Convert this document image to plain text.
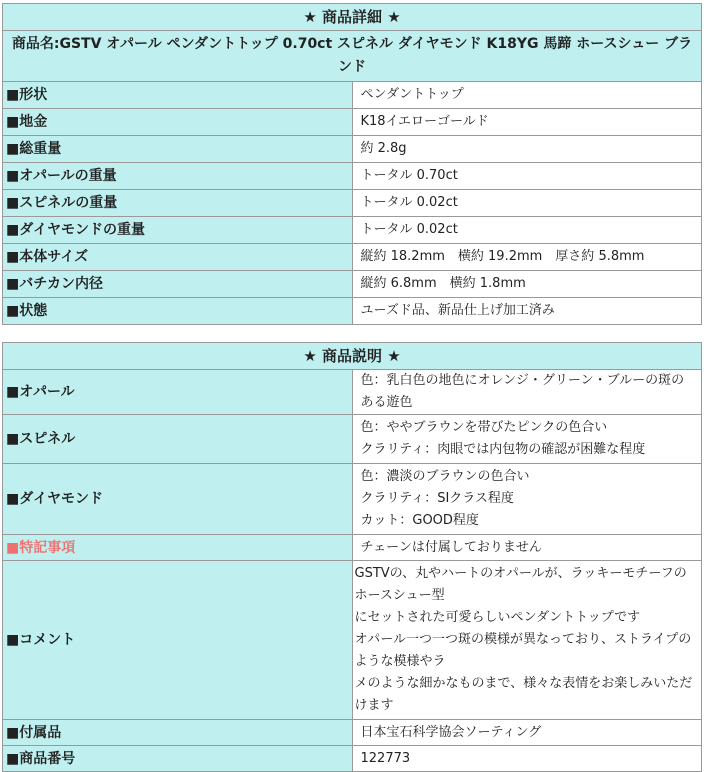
★ 商品詳細 ★	
商品名:GSTV オパール ペンダントトップ 0.70ct スピネル ダイヤモンド K18YG 馬蹄 ホースシュー ブランド	
■形状	ペンダントトップ
■地金	K18イエローゴールド
■総重量	約 2.8g
■オパールの重量	トータル 0.70ct
■スピネルの重量	トータル 0.02ct
■ダイヤモンドの重量	トータル 0.02ct
■本体サイズ	縦約 18.2mm　横約 19.2mm　厚さ約 5.8mm
■バチカン内径	縦約 6.8mm　横約 1.8mm
■状態	ユーズド品、新品仕上げ加工済み
★ 商品説明 ★	
■オパール	色：乳白色の地色にオレンジ・グリーン・ブルーの斑のある遊色

■スピネル	色：ややブラウンを帯びたピンクの色合い
クラリティ：肉眼では内包物の確認が困難な程度

■ダイヤモンド	色：濃淡のブラウンの色合い
クラリティ：SIクラス程度
カット：GOOD程度

■特記事項	チェーンは付属しておりません

■コメント	GSTVの、丸やハートのオパールが、ラッキーモチーフのホースシュー型
にセットされた可愛らしいペンダントトップです
オパール一つ一つ斑の模様が異なっており、ストライプのような模様やラ
メのような細かなものまで、様々な表情をお楽しみいただけます

■付属品	日本宝石科学協会ソーティング

■商品番号	122773
